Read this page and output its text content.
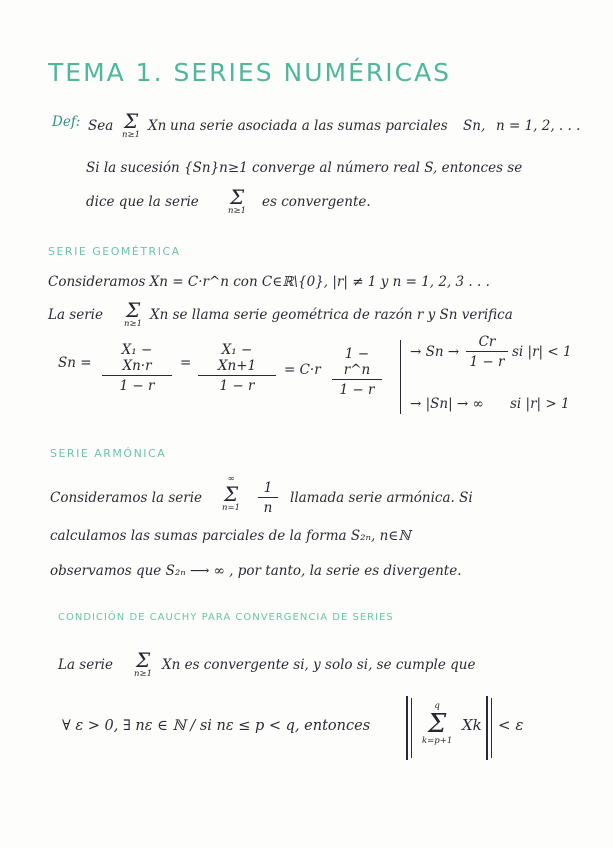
TEMA 1. SERIES NUMÉRICAS
Def: Sea Σ
n≥1
Xn una serie asociada a las sumas parciales Sn, n = 1, 2, . . .
Si la sucesión {Sn}n≥1 converge al número real S, entonces se
dice que la serie Σ
n≥1
es convergente.
SERIE GEOMÉTRICA
Consideramos Xn = C·r^n con C∈ℝ\{0}, |r| ≠ 1 y n = 1, 2, 3 . . .
La serie Σ
n≥1
Xn se llama serie geométrica de razón r y Sn verifica
Sn =
X₁ − Xn·r
1 − r
=
X₁ − Xn+1
1 − r
= C·r
1 − r^n
1 − r
→ Sn →
Cr
1 − r
si |r| < 1
→ |Sn| → ∞ si |r| > 1
SERIE ARMÓNICA
Consideramos la serie
∞
Σ
n=1
1
n
llamada serie armónica. Si
calculamos las sumas parciales de la forma S₂ₙ, n∈ℕ
observamos que S₂ₙ ⟶ ∞ , por tanto, la serie es divergente.
CONDICIÓN DE CAUCHY PARA CONVERGENCIA DE SERIES
La serie Σ
n≥1
Xn es convergente si, y solo si, se cumple que
∀ ε > 0, ∃ nε ∈ ℕ / si nε ≤ p < q, entonces
q
Σ
k=p+1
Xk < ε
